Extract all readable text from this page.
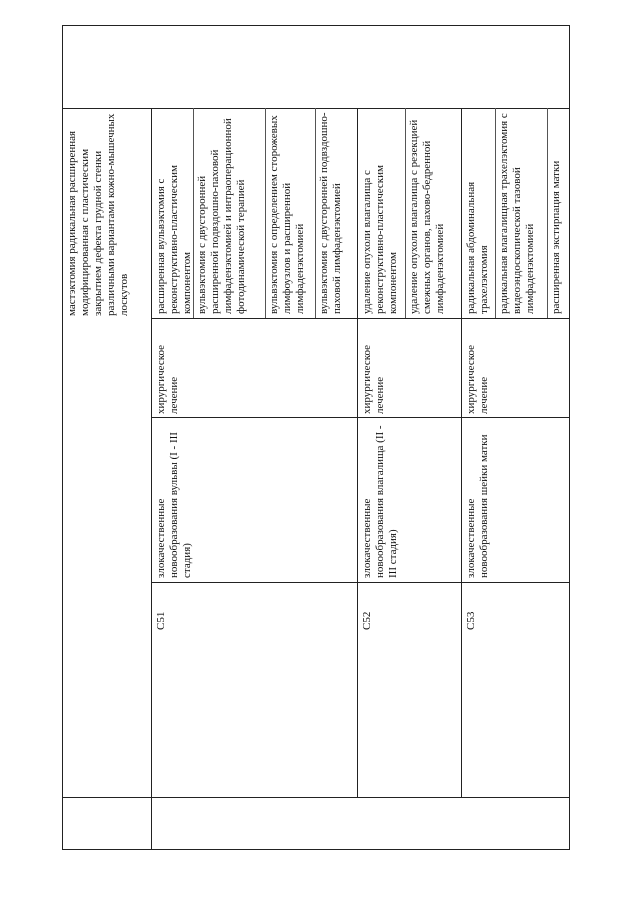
мастэктомия радикальная расширенная модифицированная с пластическим закрытием дефекта грудной стенки различными вариантами кожно-мышечных лоскутов
C51
злокачественные новообразования вульвы (I - III стадия)
хирургическое лечение
расширенная вульвэктомия с реконструктивно-пластическим компонентом вульвэктомия с двусторонней расширенной подвздошно-паховой лимфаденэктомией и интраоперационной фотодинамической терапией вульвэктомия с определением сторожевых лимфоузлов и расширенной лимфаденэктомией вульвэктомия с двусторонней подвздошно-паховой лимфаденэктомией
C52
злокачественные новообразования влагалища (II - III стадия)
хирургическое лечение
удаление опухоли влагалища с реконструктивно-пластическим компонентом удаление опухоли влагалища с резекцией смежных органов, пахово-бедренной лимфаденэктомией
C53
злокачественные новообразования шейки матки
хирургическое лечение
радикальная абдоминальная трахелэктомия радикальная влагалищная трахелэктомия с видеоэндоскопической тазовой лимфаденэктомией расширенная экстирпация матки
